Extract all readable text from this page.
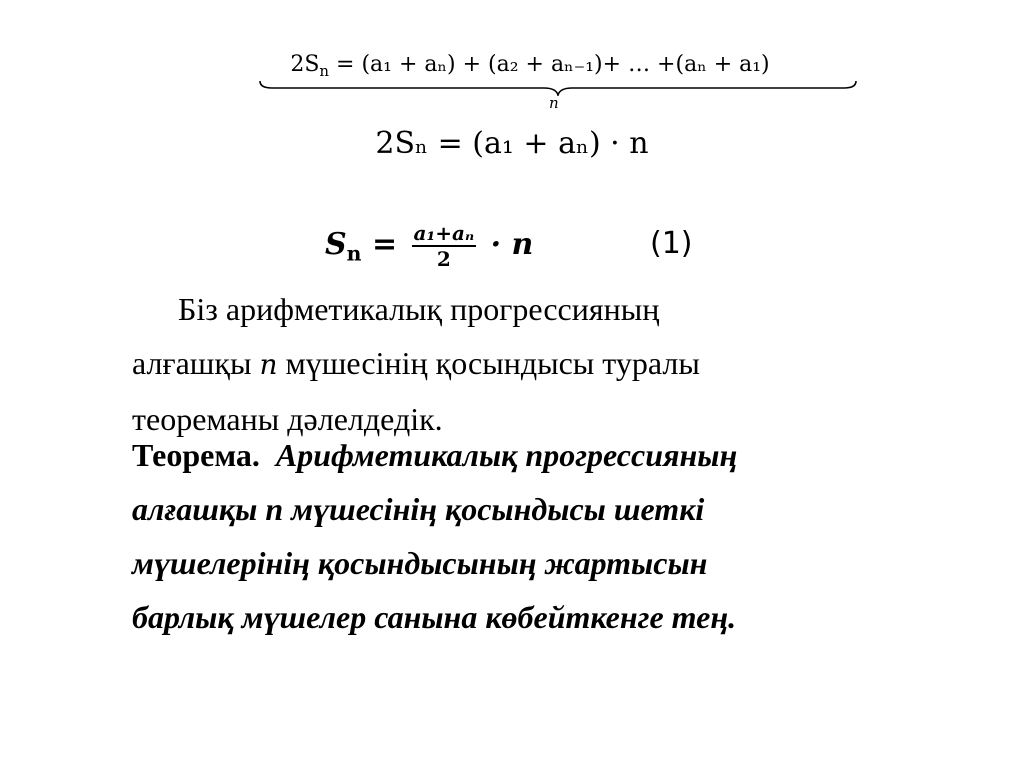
$2S_n = (a_1 + a_n) + (a_2 + a_{n-1})+$ … +(aₙ + a₁)
n
2Sₙ = (a₁ + aₙ) · n
$S_n = \frac{\text{a₁+aₙ}}{2} \cdot n$	(1)
Біз арифметикалық прогрессияның
алғашқы n мүшесінің қосындысы туралы
теореманы дәлелдедік.
Теорема. Арифметикалық прогрессияның
алғашқы n мүшесінің қосындысы шеткі
мүшелерінің қосындысының жартысын
барлық мүшелер санына көбейткенге тең.
